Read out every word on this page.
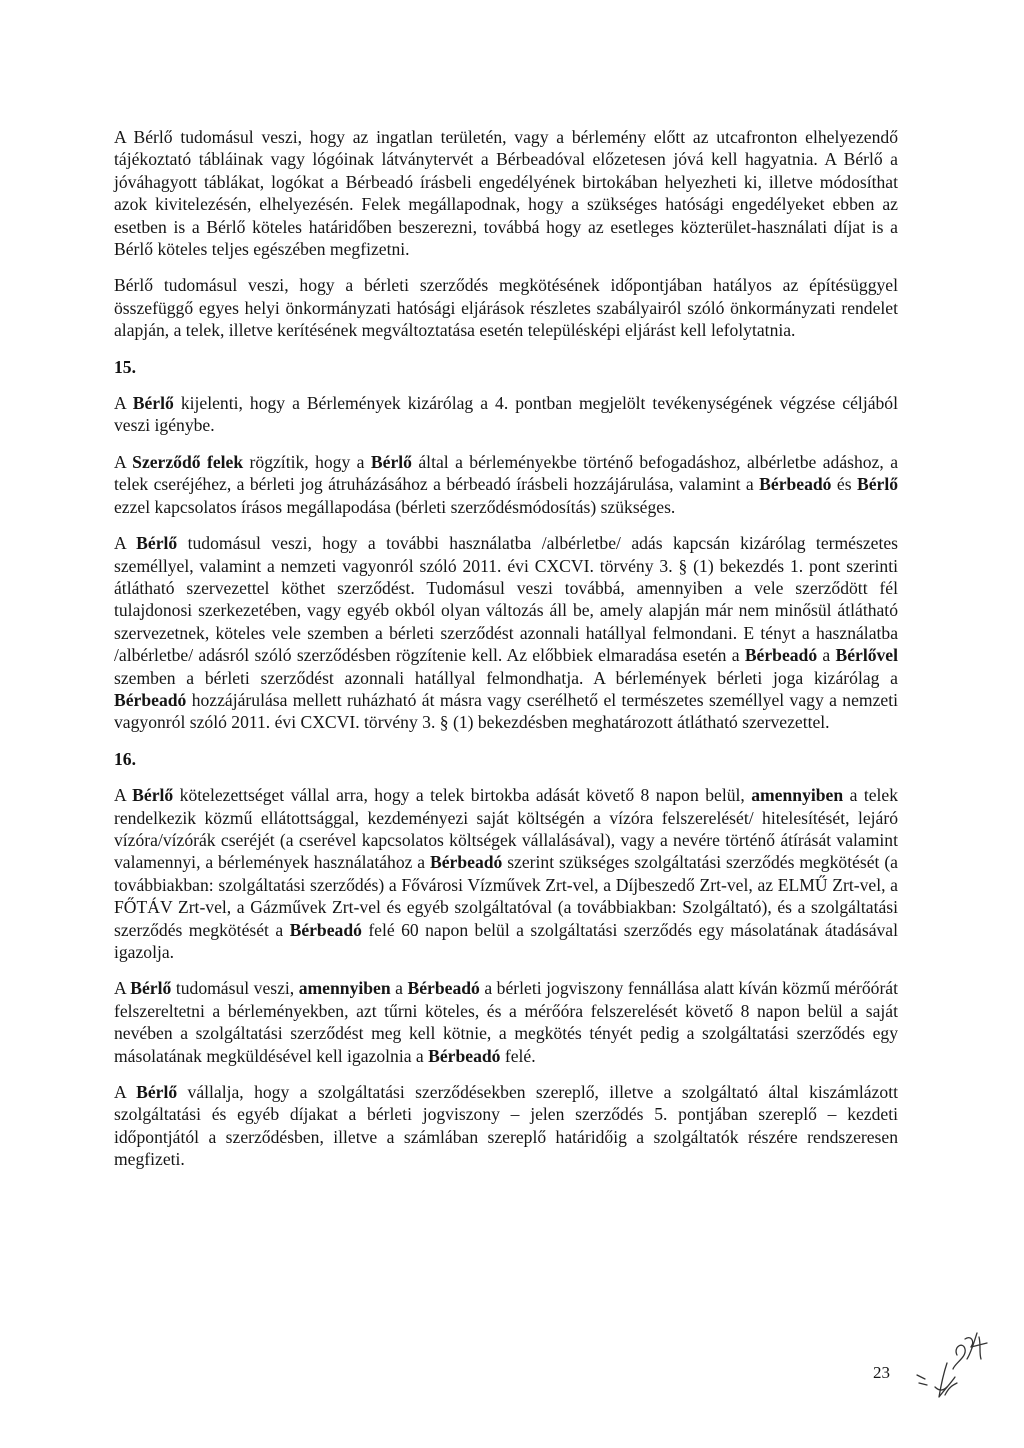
A Bérlő tudomásul veszi, hogy az ingatlan területén, vagy a bérlemény előtt az utcafronton elhelyezendő tájékoztató tábláinak vagy lógóinak látványtervét a Bérbeadóval előzetesen jóvá kell hagyatnia. A Bérlő a jóváhagyott táblákat, logókat a Bérbeadó írásbeli engedélyének birtokában helyezheti ki, illetve módosíthat azok kivitelezésén, elhelyezésén. Felek megállapodnak, hogy a szükséges hatósági engedélyeket ebben az esetben is a Bérlő köteles határidőben beszerezni, továbbá hogy az esetleges közterület-használati díjat is a Bérlő köteles teljes egészében megfizetni.

Bérlő tudomásul veszi, hogy a bérleti szerződés megkötésének időpontjában hatályos az építésüggyel összefüggő egyes helyi önkormányzati hatósági eljárások részletes szabályairól szóló önkormányzati rendelet alapján, a telek, illetve kerítésének megváltoztatása esetén településképi eljárást kell lefolytatnia.

15.

A Bérlő kijelenti, hogy a Bérlemények kizárólag a 4. pontban megjelölt tevékenységének végzése céljából veszi igénybe.

A Szerződő felek rögzítik, hogy a Bérlő által a bérleményekbe történő befogadáshoz, albérletbe adáshoz, a telek cseréjéhez, a bérleti jog átruházásához a bérbeadó írásbeli hozzájárulása, valamint a Bérbeadó és Bérlő ezzel kapcsolatos írásos megállapodása (bérleti szerződésmódosítás) szükséges.

A Bérlő tudomásul veszi, hogy a további használatba /albérletbe/ adás kapcsán kizárólag természetes személlyel, valamint a nemzeti vagyonról szóló 2011. évi CXCVI. törvény 3. § (1) bekezdés 1. pont szerinti átlátható szervezettel köthet szerződést. Tudomásul veszi továbbá, amennyiben a vele szerződött fél tulajdonosi szerkezetében, vagy egyéb okból olyan változás áll be, amely alapján már nem minősül átlátható szervezetnek, köteles vele szemben a bérleti szerződést azonnali hatállyal felmondani. E tényt a használatba /albérletbe/ adásról szóló szerződésben rögzítenie kell. Az előbbiek elmaradása esetén a Bérbeadó a Bérlővel szemben a bérleti szerződést azonnali hatállyal felmondhatja. A bérlemények bérleti joga kizárólag a Bérbeadó hozzájárulása mellett ruházható át másra vagy cserélhető el természetes személlyel vagy a nemzeti vagyonról szóló 2011. évi CXCVI. törvény 3. § (1) bekezdésben meghatározott átlátható szervezettel.

16.

A Bérlő kötelezettséget vállal arra, hogy a telek birtokba adását követő 8 napon belül, amennyiben a telek rendelkezik közmű ellátottsággal, kezdeményezi saját költségén a vízóra felszerelését/ hitelesítését, lejáró vízóra/vízórák cseréjét (a cserével kapcsolatos költségek vállalásával), vagy a nevére történő átírását valamint valamennyi, a bérlemények használatához a Bérbeadó szerint szükséges szolgáltatási szerződés megkötését (a továbbiakban: szolgáltatási szerződés) a Fővárosi Vízművek Zrt-vel, a Díjbeszedő Zrt-vel, az ELMŰ Zrt-vel, a FŐTÁV Zrt-vel, a Gázművek Zrt-vel és egyéb szolgáltatóval (a továbbiakban: Szolgáltató), és a szolgáltatási szerződés megkötését a Bérbeadó felé 60 napon belül a szolgáltatási szerződés egy másolatának átadásával igazolja.

A Bérlő tudomásul veszi, amennyiben a Bérbeadó a bérleti jogviszony fennállása alatt kíván közmű mérőórát felszereltetni a bérleményekben, azt tűrni köteles, és a mérőóra felszerelését követő 8 napon belül a saját nevében a szolgáltatási szerződést meg kell kötnie, a megkötés tényét pedig a szolgáltatási szerződés egy másolatának megküldésével kell igazolnia a Bérbeadó felé.

A Bérlő vállalja, hogy a szolgáltatási szerződésekben szereplő, illetve a szolgáltató által kiszámlázott szolgáltatási és egyéb díjakat a bérleti jogviszony – jelen szerződés 5. pontjában szereplő – kezdeti időpontjától a szerződésben, illetve a számlában szereplő határidőig a szolgáltatók részére rendszeresen megfizeti.

23
